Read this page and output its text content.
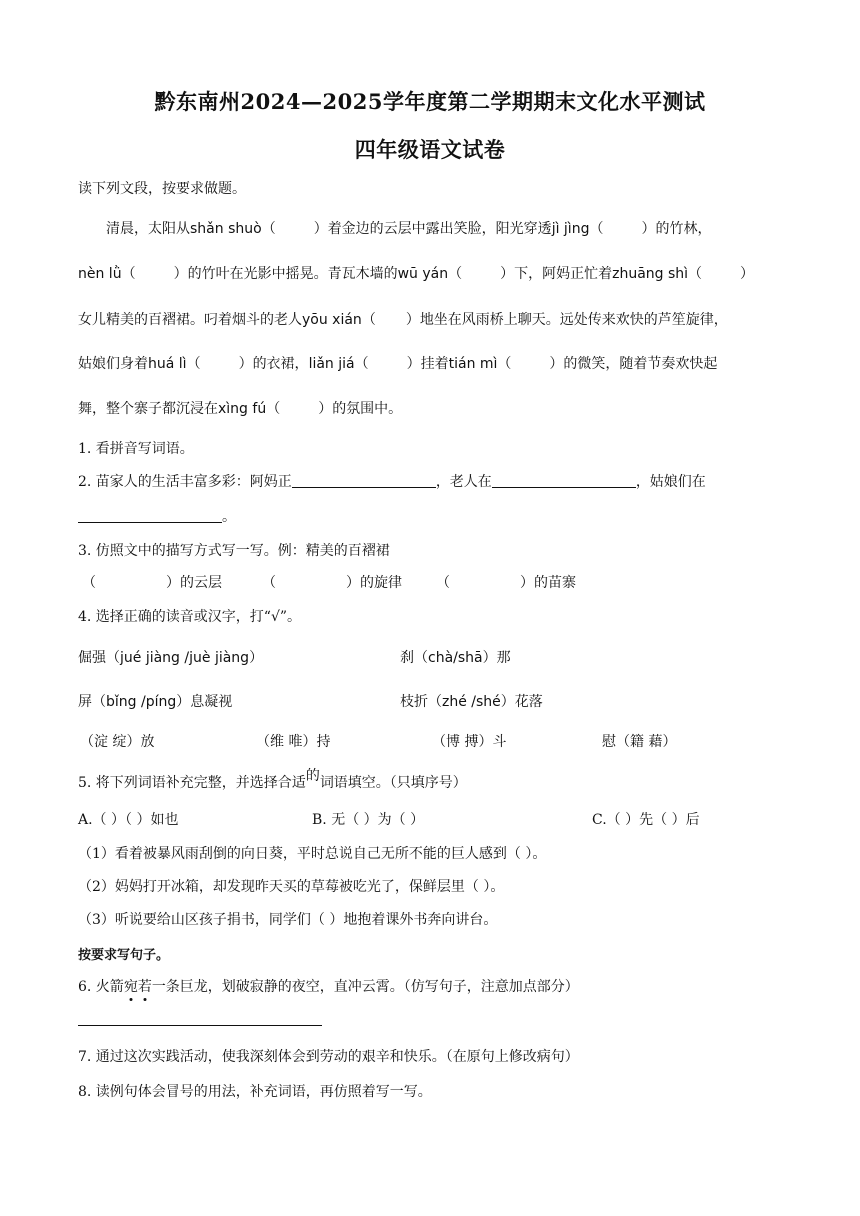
黔东南州2024—2025学年度第二学期期末文化水平测试
四年级语文试卷
读下列文段，按要求做题。
清晨，太阳从shǎn shuò（	）着金边的云层中露出笑脸，阳光穿透jì jìng（	）的竹林，
nèn lǜ（	）的竹叶在光影中摇晃。青瓦木墙的wū yán（	）下，阿妈正忙着zhuāng shì（	）
女儿精美的百褶裙。叼着烟斗的老人yōu xián（ ）地坐在风雨桥上聊天。远处传来欢快的芦笙旋律，
姑娘们身着huá lì（	）的衣裙，liǎn jiá（	）挂着tián mì（	）的微笑，随着节奏欢快起
舞，整个寨子都沉浸在xìng fú（	）的氛围中。
1. 看拼音写词语。
2. 苗家人的生活丰富多彩：阿妈正	，老人在	，姑娘们在
。
3. 仿照文中的描写方式写一写。例：精美的百褶裙
（	）的云层	（	）的旋律 （	）的苗寨
4. 选择正确的读音或汉字，打“√”。
倔强（jué jiàng /juè jiàng）	刹（chà/shā）那
屏（bǐng /píng）息凝视	枝折（zhé /shé）花落
（淀 绽）放	（维 唯）持	（博 搏）斗	慰（籍 藉）
5. 将下列词语补充完整，并选择合适的词语填空。（只填序号）
A.（ ）（ ）如也	B. 无（ ）为（ ）	C.（ ）先（ ）后
（1）看着被暴风雨刮倒的向日葵，平时总说自己无所不能的巨人感到（ ）。
（2）妈妈打开冰箱，却发现昨天买的草莓被吃光了，保鲜层里（ ）。
（3）听说要给山区孩子捐书，同学们（ ）地抱着课外书奔向讲台。
按要求写句子。
6. 火箭宛若一条巨龙，划破寂静的夜空，直冲云霄。（仿写句子，注意加点部分）
7. 通过这次实践活动，使我深刻体会到劳动的艰辛和快乐。（在原句上修改病句）
8. 读例句体会冒号的用法，补充词语，再仿照着写一写。
